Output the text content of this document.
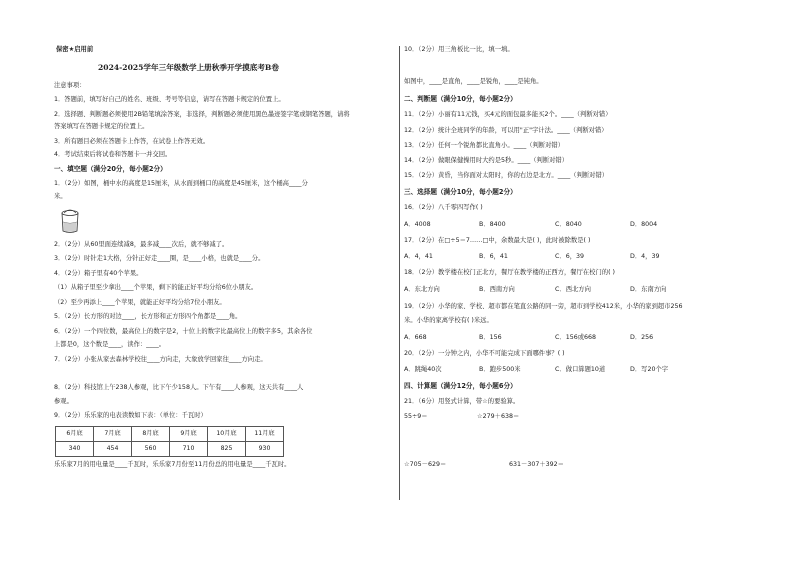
保密★启用前
2024-2025学年三年级数学上册秋季开学摸底考B卷
注意事项：
1．答题前，填写好自己的姓名、班级、考号等信息，请写在答题卡规定的位置上。
2．选择题、判断题必须使用2B铅笔填涂答案，非选择，判断题必须使用黑色墨迹签字笔或钢笔答题，请将
答案填写在答题卡规定的位置上。
3．所有题目必须在答题卡上作答，在试卷上作答无效。
4．考试结束后将试卷和答题卡一并交回。
一、填空题（满分20分，每小题2分）
1．（2分）如图，桶中水的高度是15厘米，从水面到桶口的高度是45厘米，这个桶高____分
米。
2．（2分）从60里面连续减8，最多减____次后，就不够减了。
3．（2分）时针走1大格，分针正好走____圈，是____小格，也就是____分。
4．（2分）箱子里有40个苹果。
（1）从箱子里至少拿出____个苹果，剩下的能正好平均分给6位小朋友。
（2）至少再添上____个苹果，就能正好平均分给7位小朋友。
5．（2分）长方形的对边____，长方形和正方形四个角都是____角。
6．（2分）一个四位数，最高位上的数字是2，十位上的数字比最高位上的数字多5，其余各位
上都是0，这个数是____，读作：____。
7．（2分）小张从家去森林学校往____方向走，大象放学回家往____方向走。
8．（2分）科技馆上午238人参观，比下午少158人。下午有____人参观，这天共有____人
参观。
9．（2分）乐乐家的电表读数如下表：（单位：千瓦时）
6月底	7月底	8月底	9月底	10月底	11月底
340	454	560	710	825	930
乐乐家7月的用电量是____千瓦时，乐乐家7月份至11月份总的用电量是____千瓦时。
10．（2分）用三角板比一比，填一填。
如图中，____是直角，____是锐角，____是钝角。
二、判断题（满分10分，每小题2分）
11．（2分）小丽有11元钱，买4元的面包最多能买2个。____（判断对错）
12．（2分）统计全班同学的年龄，可以用"正"字计法。____（判断对错）
13．（2分）任何一个锐角都比直角小。____（判断对错）
14．（2分）做眼保健操用时大约是5秒。____（判断对错）
15．（2分）黄昏，当你面对太阳时，你的右边是北方。____（判断对错）
三、选择题（满分10分，每小题2分）
16．（2分）八千零四写作( )
A．4008	B．8400	C．8040	D．8004
17．（2分）在□÷5＝7……□中，余数最大是( )，此时被除数是( )
A．4，41	B．6，41	C．6，39	D．4，39
18．（2分）教学楼在校门正北方，餐厅在教学楼的正西方，餐厅在校门的( )
A．东北方向	B．西南方向	C．西北方向	D．东南方向
19．（2分）小华的家、学校、超市都在笔直公路的同一旁，超市到学校412米，小华的家到超市256
米。小华的家离学校有( )米远。
A．668	B．156	C．156或668	D．256
20．（2分）一分钟之内，小华不可能完成下面哪件事？( )
A．跳绳40次	B．跑步500米	C．做口算题10道	D．写20个字
四、计算题（满分12分，每小题6分）
21．（6分）用竖式计算，带☆的要验算。
55÷9＝	☆279＋638＝
☆705－629＝	631－307＋392＝
